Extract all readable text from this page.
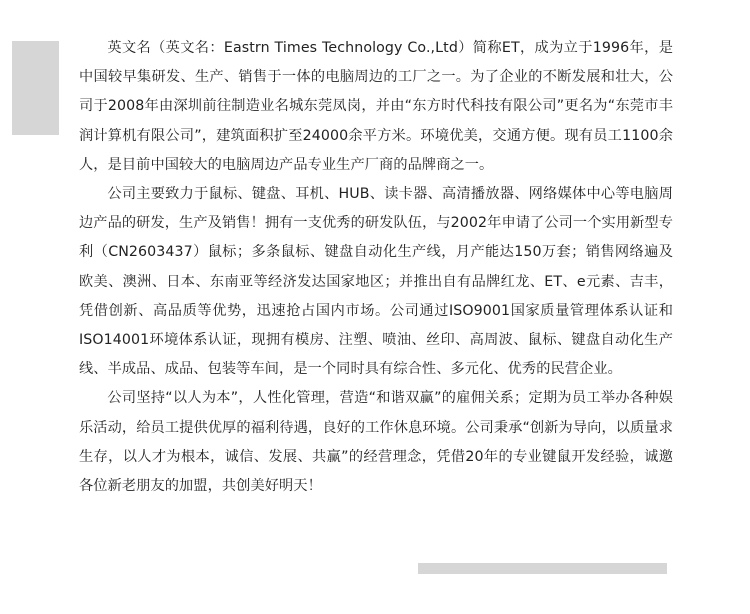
英文名（英文名：Eastrn Times Technology Co.,Ltd）简称ET，成为立于1996年，是中国较早集研发、生产、销售于一体的电脑周边的工厂之一。为了企业的不断发展和壮大，公司于2008年由深圳前往制造业名城东莞凤岗，并由“东方时代科技有限公司”更名为“东莞市丰润计算机有限公司”，建筑面积扩至24000余平方米。环境优美，交通方便。现有员工1100余人，是目前中国较大的电脑周边产品专业生产厂商的品牌商之一。

公司主要致力于鼠标、键盘、耳机、HUB、读卡器、高清播放器、网络媒体中心等电脑周边产品的研发，生产及销售！拥有一支优秀的研发队伍，与2002年申请了公司一个实用新型专利（CN2603437）鼠标；多条鼠标、键盘自动化生产线，月产能达150万套；销售网络遍及欧美、澳洲、日本、东南亚等经济发达国家地区；并推出自有品牌红龙、ET、e元素、吉丰，凭借创新、高品质等优势，迅速抢占国内市场。公司通过ISO9001国家质量管理体系认证和ISO14001环境体系认证，现拥有模房、注塑、喷油、丝印、高周波、鼠标、键盘自动化生产线、半成品、成品、包装等车间，是一个同时具有综合性、多元化、优秀的民营企业。

公司坚持“以人为本”，人性化管理，营造“和谐双赢”的雇佣关系；定期为员工举办各种娱乐活动，给员工提供优厚的福利待遇，良好的工作休息环境。公司秉承“创新为导向，以质量求生存，以人才为根本，诚信、发展、共赢”的经营理念，凭借20年的专业键鼠开发经验，诚邀各位新老朋友的加盟，共创美好明天！
